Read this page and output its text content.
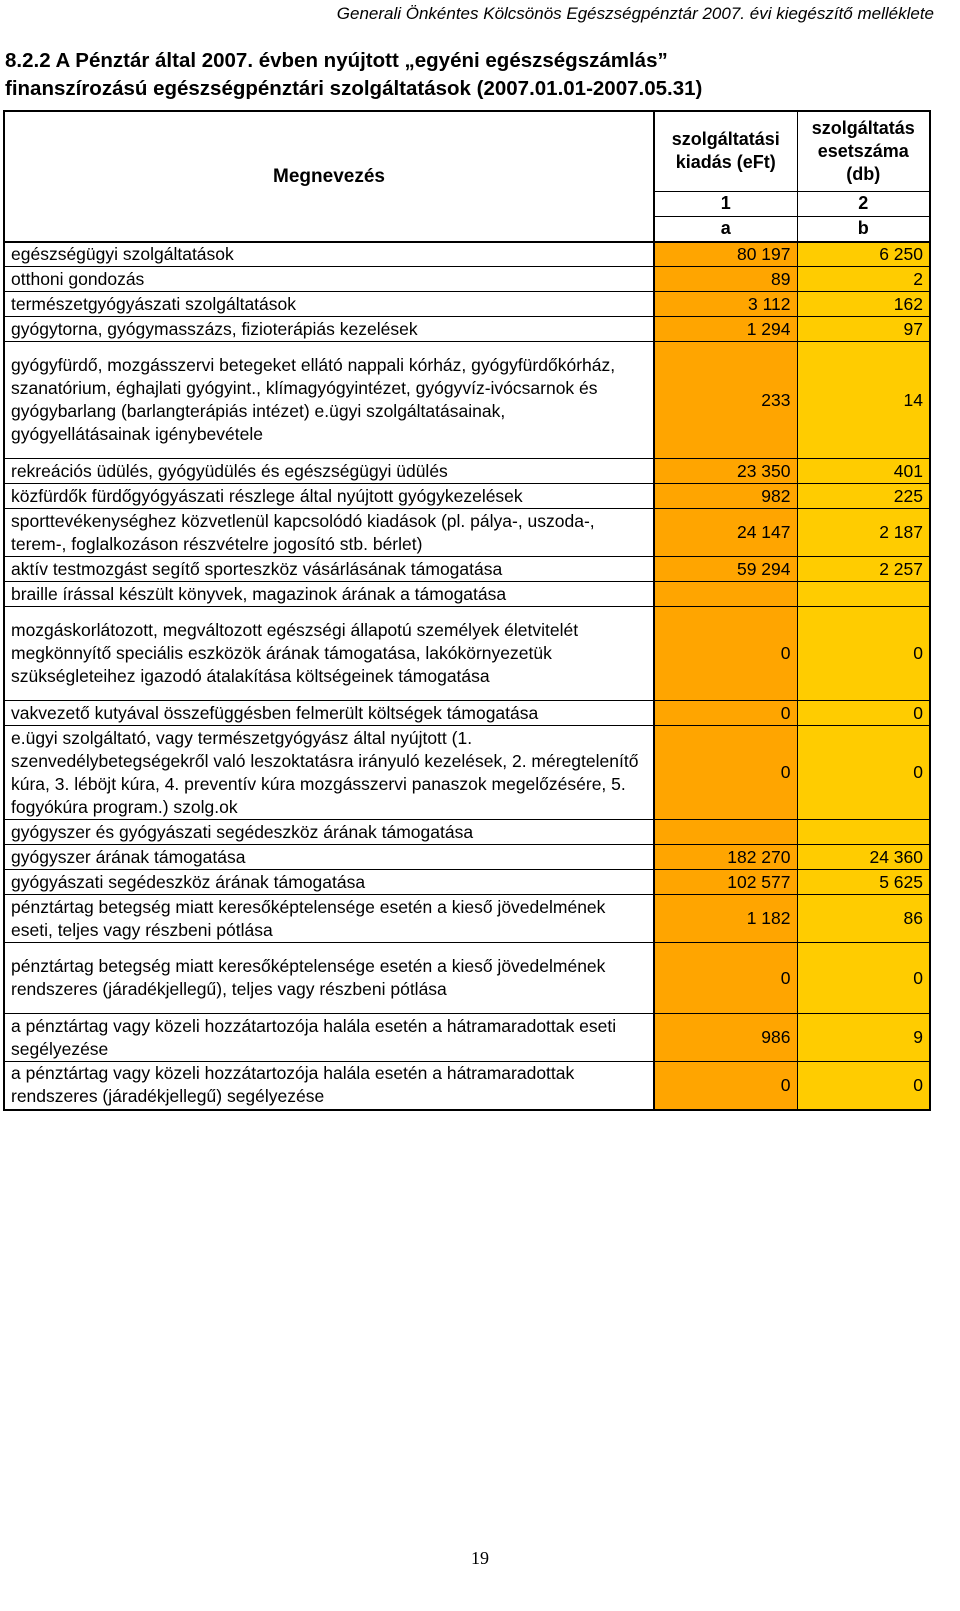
Generali Önkéntes Kölcsönös Egészségpénztár 2007. évi kiegészítő melléklete
8.2.2 A Pénztár által 2007. évben nyújtott „egyéni egészségszámlás”
finanszírozású egészségpénztári szolgáltatások (2007.01.01-2007.05.31)
Megnevezés	szolgáltatási kiadás (eFt)	szolgáltatás esetszáma (db)
	1	2
	a	b
egészségügyi szolgáltatások	80 197	6 250
otthoni gondozás	89	2
természetgyógyászati szolgáltatások	3 112	162
gyógytorna, gyógymasszázs, fizioterápiás kezelések	1 294	97
gyógyfürdő, mozgásszervi betegeket ellátó nappali kórház, gyógyfürdőkórház, szanatórium, éghajlati gyógyint., klímagyógyintézet, gyógyvíz-ivócsarnok és gyógybarlang (barlangterápiás intézet) e.ügyi szolgáltatásainak, gyógyellátásainak igénybevétele	233	14
rekreációs üdülés, gyógyüdülés és egészségügyi üdülés	23 350	401
közfürdők fürdőgyógyászati részlege által nyújtott gyógykezelések	982	225
sporttevékenységhez közvetlenül kapcsolódó kiadások (pl. pálya-, uszoda-, terem-, foglalkozáson részvételre jogosító stb. bérlet)	24 147	2 187
aktív testmozgást segítő sporteszköz vásárlásának támogatása	59 294	2 257
braille írással készült könyvek, magazinok árának a támogatása		
mozgáskorlátozott, megváltozott egészségi állapotú személyek életvitelét megkönnyítő speciális eszközök árának támogatása, lakókörnyezetük szükségleteihez igazodó átalakítása költségeinek támogatása	0	0
vakvezető kutyával összefüggésben felmerült költségek támogatása	0	0
e.ügyi szolgáltató, vagy természetgyógyász által nyújtott (1. szenvedélybetegségekről való leszoktatásra irányuló kezelések, 2. méregtelenítő kúra, 3. léböjt kúra, 4. preventív kúra mozgásszervi panaszok megelőzésére, 5. fogyókúra program.) szolg.ok	0	0
gyógyszer és gyógyászati segédeszköz árának támogatása		
gyógyszer árának támogatása	182 270	24 360
gyógyászati segédeszköz árának támogatása	102 577	5 625
pénztártag betegség miatt keresőképtelensége esetén a kieső jövedelmének eseti, teljes vagy részbeni pótlása	1 182	86
pénztártag betegség miatt keresőképtelensége esetén a kieső jövedelmének rendszeres (járadékjellegű), teljes vagy részbeni pótlása	0	0
a pénztártag vagy közeli hozzátartozója halála esetén a hátramaradottak eseti segélyezése	986	9
a pénztártag vagy közeli hozzátartozója halála esetén a hátramaradottak rendszeres (járadékjellegű) segélyezése	0	0
19
